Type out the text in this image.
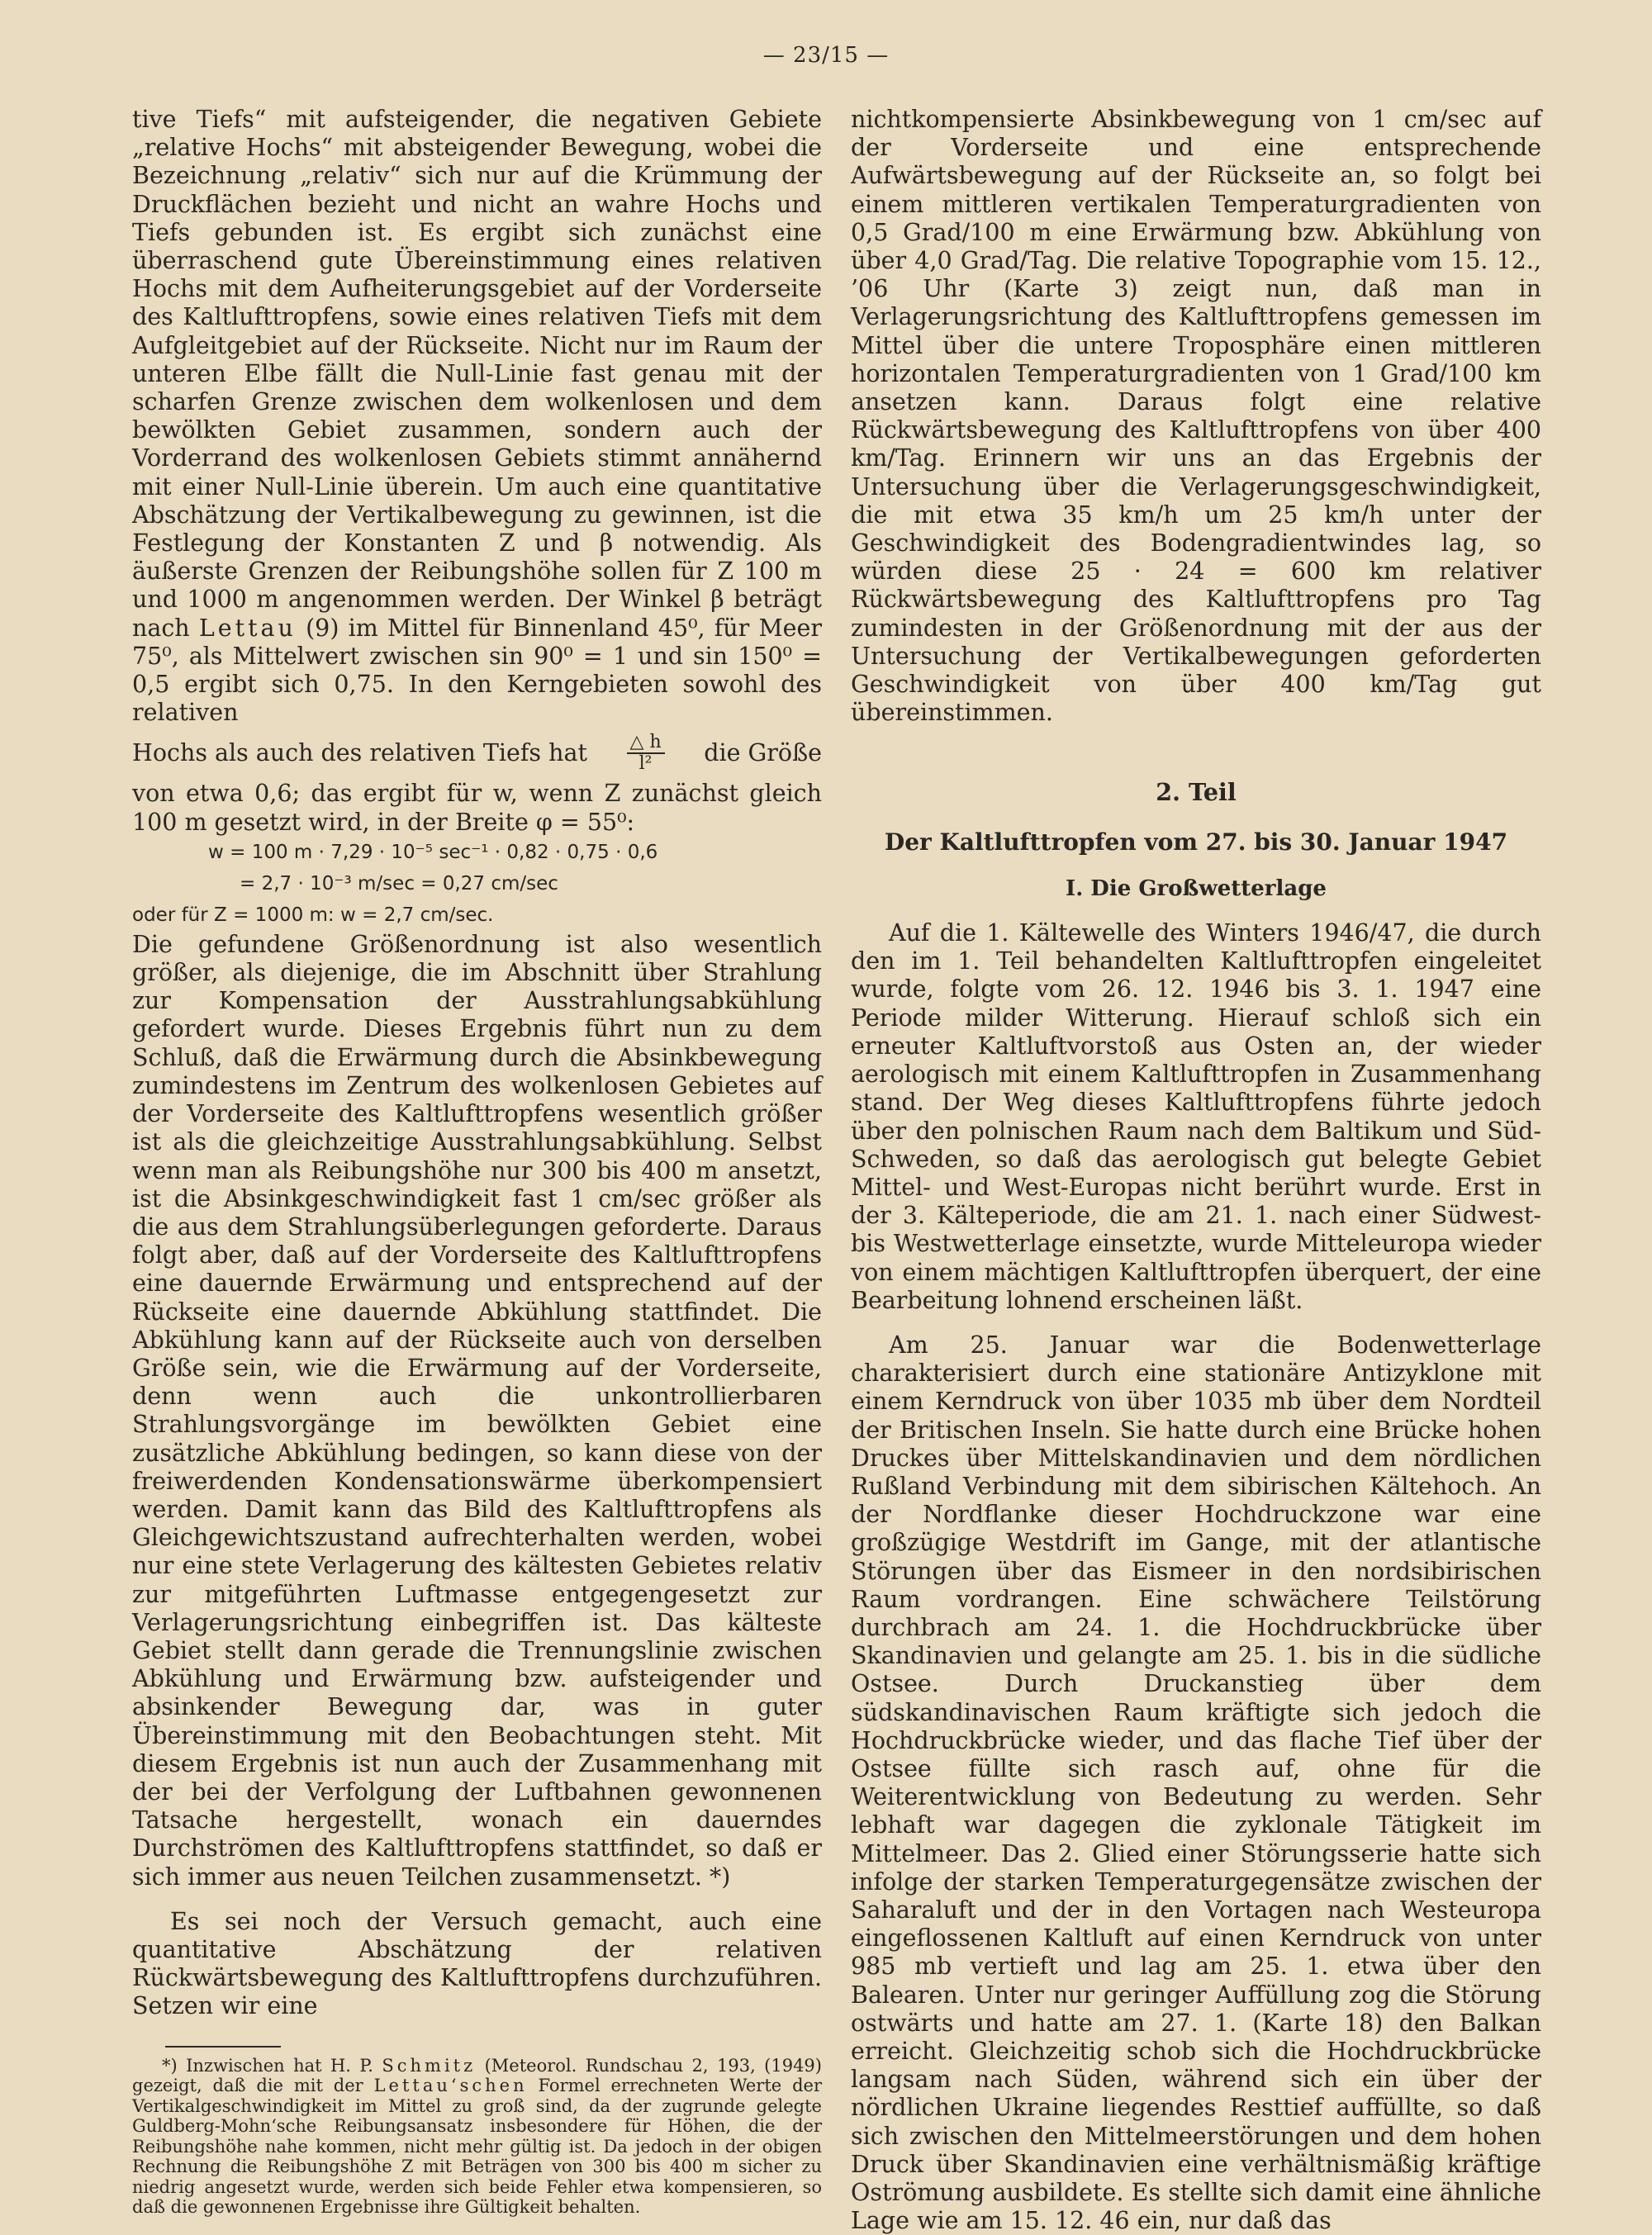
— 23/15 —

tive Tiefs“ mit aufsteigender, die negativen Gebiete „relative Hochs“ mit absteigender Bewegung, wobei die Bezeichnung „relativ“ sich nur auf die Krümmung der Druckflächen bezieht und nicht an wahre Hochs und Tiefs gebunden ist. Es ergibt sich zunächst eine überraschend gute Übereinstimmung eines relativen Hochs mit dem Aufheiterungsgebiet auf der Vorderseite des Kaltlufttropfens, sowie eines relativen Tiefs mit dem Aufgleitgebiet auf der Rückseite. Nicht nur im Raum der unteren Elbe fällt die Null-Linie fast genau mit der scharfen Grenze zwischen dem wolkenlosen und dem bewölkten Gebiet zusammen, sondern auch der Vorderrand des wolkenlosen Gebiets stimmt annähernd mit einer Null-Linie überein. Um auch eine quantitative Abschätzung der Vertikalbewegung zu gewinnen, ist die Festlegung der Konstanten Z und β notwendig. Als äußerste Grenzen der Reibungshöhe sollen für Z 100 m und 1000 m angenommen werden. Der Winkel β beträgt nach Lettau (9) im Mittel für Binnenland 45⁰, für Meer 75⁰, als Mittelwert zwischen sin 90⁰ = 1 und sin 150⁰ = 0,5 ergibt sich 0,75. In den Kerngebieten sowohl des relativen

Hochs als auch des relativen Tiefs hat $\frac{\triangle h}{\text{l²}}$ die Größe

von etwa 0,6; das ergibt für w, wenn Z zunächst gleich 100 m gesetzt wird, in der Breite φ = 55⁰:

w = 100 m · 7,29 · 10⁻⁵ sec⁻¹ · 0,82 · 0,75 · 0,6
= 2,7 · 10⁻³ m/sec = 0,27 cm/sec
oder für Z = 1000 m: w = 2,7 cm/sec.

Die gefundene Größenordnung ist also wesentlich größer, als diejenige, die im Abschnitt über Strahlung zur Kompensation der Ausstrahlungsabkühlung gefordert wurde. Dieses Ergebnis führt nun zu dem Schluß, daß die Erwärmung durch die Absinkbewegung zumindestens im Zentrum des wolkenlosen Gebietes auf der Vorderseite des Kaltlufttropfens wesentlich größer ist als die gleichzeitige Ausstrahlungsabkühlung. Selbst wenn man als Reibungshöhe nur 300 bis 400 m ansetzt, ist die Absinkgeschwindigkeit fast 1 cm/sec größer als die aus dem Strahlungsüberlegungen geforderte. Daraus folgt aber, daß auf der Vorderseite des Kaltlufttropfens eine dauernde Erwärmung und entsprechend auf der Rückseite eine dauernde Abkühlung stattfindet. Die Abkühlung kann auf der Rückseite auch von derselben Größe sein, wie die Erwärmung auf der Vorderseite, denn wenn auch die unkontrollierbaren Strahlungsvorgänge im bewölkten Gebiet eine zusätzliche Abkühlung bedingen, so kann diese von der freiwerdenden Kondensationswärme überkompensiert werden. Damit kann das Bild des Kaltlufttropfens als Gleichgewichtszustand aufrechterhalten werden, wobei nur eine stete Verlagerung des kältesten Gebietes relativ zur mitgeführten Luftmasse entgegengesetzt zur Verlagerungsrichtung einbegriffen ist. Das kälteste Gebiet stellt dann gerade die Trennungslinie zwischen Abkühlung und Erwärmung bzw. aufsteigender und absinkender Bewegung dar, was in guter Übereinstimmung mit den Beobachtungen steht. Mit diesem Ergebnis ist nun auch der Zusammenhang mit der bei der Verfolgung der Luftbahnen gewonnenen Tatsache hergestellt, wonach ein dauerndes Durchströmen des Kaltlufttropfens stattfindet, so daß er sich immer aus neuen Teilchen zusammensetzt. *)

Es sei noch der Versuch gemacht, auch eine quantitative Abschätzung der relativen Rückwärtsbewegung des Kaltlufttropfens durchzuführen. Setzen wir eine

*) Inzwischen hat H. P. Schmitz (Meteorol. Rundschau 2, 193, (1949) gezeigt, daß die mit der Lettau‘schen Formel errechneten Werte der Vertikalgeschwindigkeit im Mittel zu groß sind, da der zugrunde gelegte Guldberg-Mohn‘sche Reibungsansatz insbesondere für Höhen, die der Reibungshöhe nahe kommen, nicht mehr gültig ist. Da jedoch in der obigen Rechnung die Reibungshöhe Z mit Beträgen von 300 bis 400 m sicher zu niedrig angesetzt wurde, werden sich beide Fehler etwa kompensieren, so daß die gewonnenen Ergebnisse ihre Gültigkeit behalten.

nichtkompensierte Absinkbewegung von 1 cm/sec auf der Vorderseite und eine entsprechende Aufwärtsbewegung auf der Rückseite an, so folgt bei einem mittleren vertikalen Temperaturgradienten von 0,5 Grad/100 m eine Erwärmung bzw. Abkühlung von über 4,0 Grad/Tag. Die relative Topographie vom 15. 12., ’06 Uhr (Karte 3) zeigt nun, daß man in Verlagerungsrichtung des Kaltlufttropfens gemessen im Mittel über die untere Troposphäre einen mittleren horizontalen Temperaturgradienten von 1 Grad/100 km ansetzen kann. Daraus folgt eine relative Rückwärtsbewegung des Kaltlufttropfens von über 400 km/Tag. Erinnern wir uns an das Ergebnis der Untersuchung über die Verlagerungsgeschwindigkeit, die mit etwa 35 km/h um 25 km/h unter der Geschwindigkeit des Bodengradientwindes lag, so würden diese 25 · 24 = 600 km relativer Rückwärtsbewegung des Kaltlufttropfens pro Tag zumindesten in der Größenordnung mit der aus der Untersuchung der Vertikalbewegungen geforderten Geschwindigkeit von über 400 km/Tag gut übereinstimmen.

2. Teil

Der Kaltlufttropfen vom 27. bis 30. Januar 1947

I. Die Großwetterlage

Auf die 1. Kältewelle des Winters 1946/47, die durch den im 1. Teil behandelten Kaltlufttropfen eingeleitet wurde, folgte vom 26. 12. 1946 bis 3. 1. 1947 eine Periode milder Witterung. Hierauf schloß sich ein erneuter Kaltluftvorstoß aus Osten an, der wieder aerologisch mit einem Kaltlufttropfen in Zusammenhang stand. Der Weg dieses Kaltlufttropfens führte jedoch über den polnischen Raum nach dem Baltikum und Süd-Schweden, so daß das aerologisch gut belegte Gebiet Mittel- und West-Europas nicht berührt wurde. Erst in der 3. Kälteperiode, die am 21. 1. nach einer Südwest- bis Westwetterlage einsetzte, wurde Mitteleuropa wieder von einem mächtigen Kaltlufttropfen überquert, der eine Bearbeitung lohnend erscheinen läßt.

Am 25. Januar war die Bodenwetterlage charakterisiert durch eine stationäre Antizyklone mit einem Kerndruck von über 1035 mb über dem Nordteil der Britischen Inseln. Sie hatte durch eine Brücke hohen Druckes über Mittelskandinavien und dem nördlichen Rußland Verbindung mit dem sibirischen Kältehoch. An der Nordflanke dieser Hochdruckzone war eine großzügige Westdrift im Gange, mit der atlantische Störungen über das Eismeer in den nordsibirischen Raum vordrangen. Eine schwächere Teilstörung durchbrach am 24. 1. die Hochdruckbrücke über Skandinavien und gelangte am 25. 1. bis in die südliche Ostsee. Durch Druckanstieg über dem südskandinavischen Raum kräftigte sich jedoch die Hochdruckbrücke wieder, und das flache Tief über der Ostsee füllte sich rasch auf, ohne für die Weiterentwicklung von Bedeutung zu werden. Sehr lebhaft war dagegen die zyklonale Tätigkeit im Mittelmeer. Das 2. Glied einer Störungsserie hatte sich infolge der starken Temperaturgegensätze zwischen der Saharaluft und der in den Vortagen nach Westeuropa eingeflossenen Kaltluft auf einen Kerndruck von unter 985 mb vertieft und lag am 25. 1. etwa über den Balearen. Unter nur geringer Auffüllung zog die Störung ostwärts und hatte am 27. 1. (Karte 18) den Balkan erreicht. Gleichzeitig schob sich die Hochdruckbrücke langsam nach Süden, während sich ein über der nördlichen Ukraine liegendes Resttief auffüllte, so daß sich zwischen den Mittelmeerstörungen und dem hohen Druck über Skandinavien eine verhältnismäßig kräftige Oströmung ausbildete. Es stellte sich damit eine ähnliche Lage wie am 15. 12. 46 ein, nur daß das
